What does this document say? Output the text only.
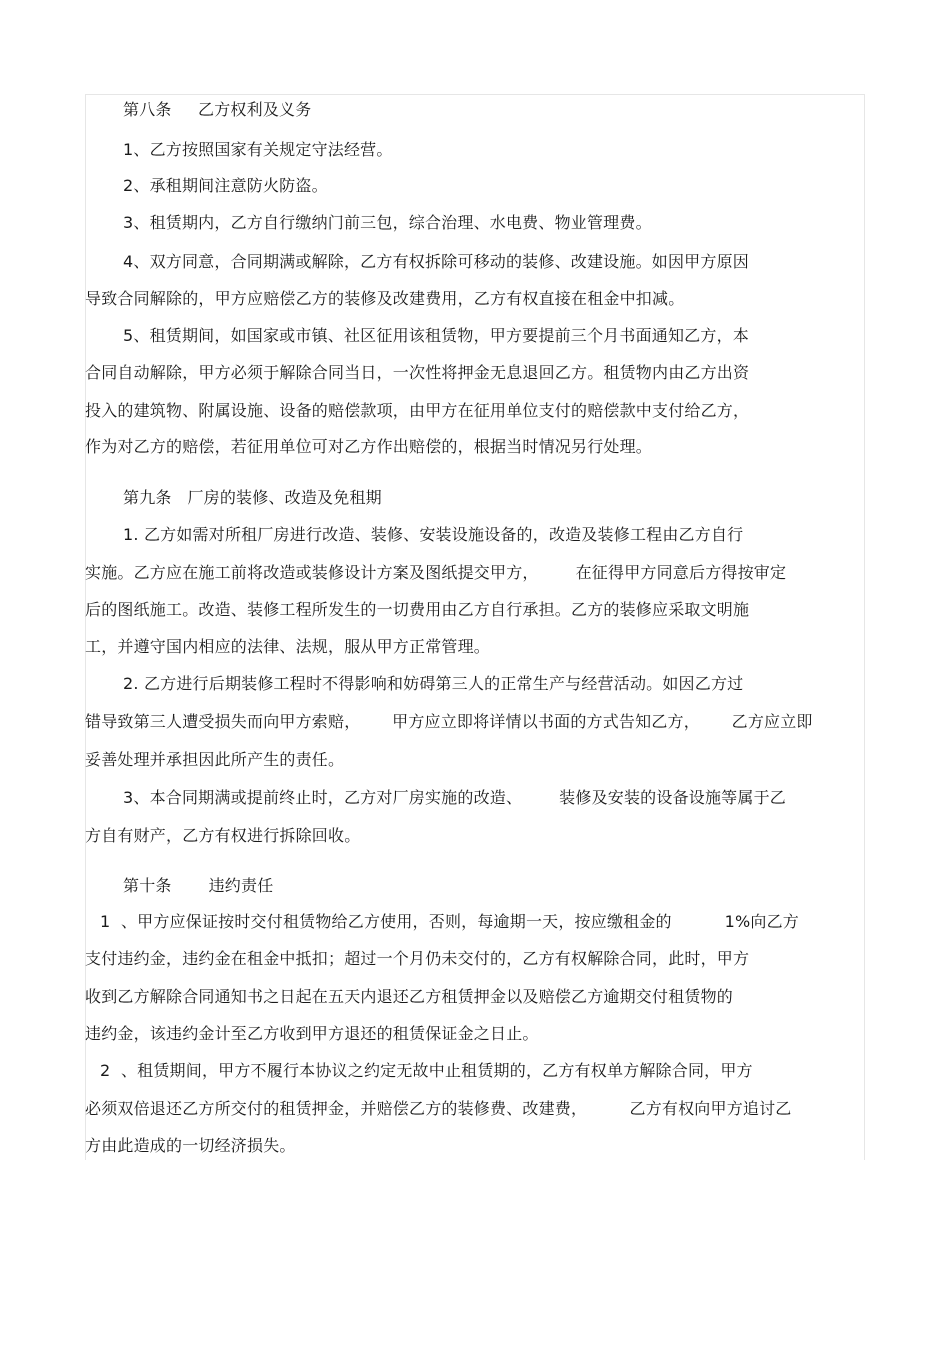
第八条     乙方权利及义务
1、乙方按照国家有关规定守法经营。
2、承租期间注意防火防盗。
3、租赁期内，乙方自行缴纳门前三包，综合治理、水电费、物业管理费。
4、双方同意，合同期满或解除，乙方有权拆除可移动的装修、改建设施。如因甲方原因
导致合同解除的，甲方应赔偿乙方的装修及改建费用，乙方有权直接在租金中扣减。
5、租赁期间，如国家或市镇、社区征用该租赁物，甲方要提前三个月书面通知乙方，本
合同自动解除，甲方必须于解除合同当日，一次性将押金无息退回乙方。租赁物内由乙方出资
投入的建筑物、附属设施、设备的赔偿款项，由甲方在征用单位支付的赔偿款中支付给乙方，
作为对乙方的赔偿，若征用单位可对乙方作出赔偿的，根据当时情况另行处理。
第九条   厂房的装修、改造及免租期
1. 乙方如需对所租厂房进行改造、装修、安装设施设备的，改造及装修工程由乙方自行
实施。乙方应在施工前将改造或装修设计方案及图纸提交甲方，       在征得甲方同意后方得按审定
后的图纸施工。改造、装修工程所发生的一切费用由乙方自行承担。乙方的装修应采取文明施
工，并遵守国内相应的法律、法规，服从甲方正常管理。
2. 乙方进行后期装修工程时不得影响和妨碍第三人的正常生产与经营活动。如因乙方过
错导致第三人遭受损失而向甲方索赔，      甲方应立即将详情以书面的方式告知乙方，      乙方应立即
妥善处理并承担因此所产生的责任。
3、本合同期满或提前终止时，乙方对厂房实施的改造、       装修及安装的设备设施等属于乙
方自有财产，乙方有权进行拆除回收。
第十条       违约责任
1  、甲方应保证按时交付租赁物给乙方使用，否则，每逾期一天，按应缴租金的          1%向乙方
支付违约金，违约金在租金中抵扣；超过一个月仍未交付的，乙方有权解除合同，此时，甲方
收到乙方解除合同通知书之日起在五天内退还乙方租赁押金以及赔偿乙方逾期交付租赁物的
违约金，该违约金计至乙方收到甲方退还的租赁保证金之日止。
2  、租赁期间，甲方不履行本协议之约定无故中止租赁期的，乙方有权单方解除合同，甲方
必须双倍退还乙方所交付的租赁押金，并赔偿乙方的装修费、改建费，        乙方有权向甲方追讨乙
方由此造成的一切经济损失。
